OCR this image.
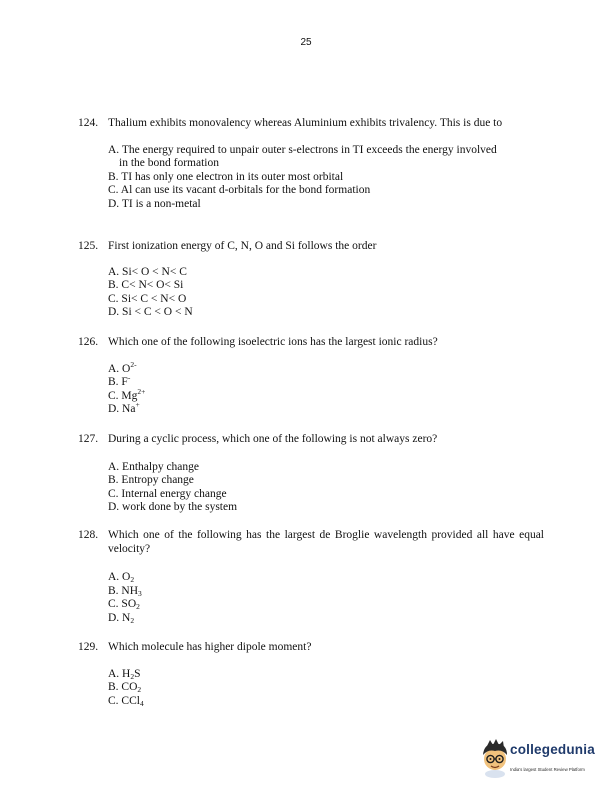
25
124. Thalium exhibits monovalency whereas Aluminium exhibits trivalency. This is due to
A. The energy required to unpair outer s-electrons in TI exceeds the energy involved
in the bond formation
B. TI has only one electron in its outer most orbital
C. Al can use its vacant d-orbitals for the bond formation
D. TI is a non-metal
125. First ionization energy of C, N, O and Si follows the order
A. Si< O < N< C
B. C< N< O< Si
C. Si< C < N< O
D. Si < C < O < N
126. Which one of the following isoelectric ions has the largest ionic radius?
A. $O^{2-}$
B. F-
C. $Mg^{2+}$
D. Na+
127. During a cyclic process, which one of the following is not always zero?
A. Enthalpy change
B. Entropy change
C. Internal energy change
D. work done by the system
128. Which one of the following has the largest de Broglie wavelength provided all have equal velocity?
A. $O_2$
B. $NH_3$
C. $SO_2$
D. $N_2$
129. Which molecule has higher dipole moment?
A. $H_2S$
B. $CO_2$
C. CCl$_4$
collegedunia
India's largest Student Review Platform
